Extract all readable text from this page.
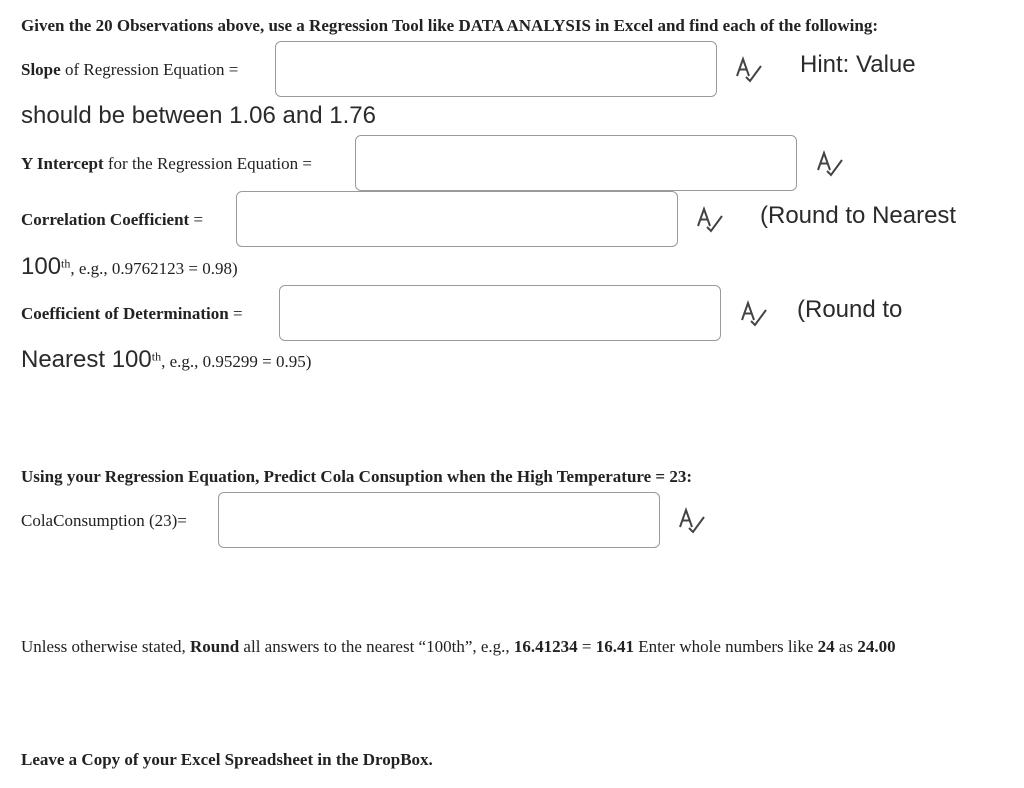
Given the 20 Observations above, use a Regression Tool like DATA ANALYSIS in Excel and find each of the following:
Slope of Regression Equation =	Hint: Value
should be between 1.06 and 1.76
Y Intercept for the Regression Equation =
Correlation Coefficient =	(Round to Nearest
100th, e.g., 0.9762123 = 0.98)
Coefficient of Determination =	(Round to
Nearest 100th, e.g., 0.95299 = 0.95)
Using your Regression Equation, Predict Cola Consuption when the High Temperature = 23:
ColaConsumption (23)=
Unless otherwise stated, Round all answers to the nearest “100th”, e.g., 16.41234 = 16.41 Enter whole numbers like 24 as 24.00
Leave a Copy of your Excel Spreadsheet in the DropBox.
